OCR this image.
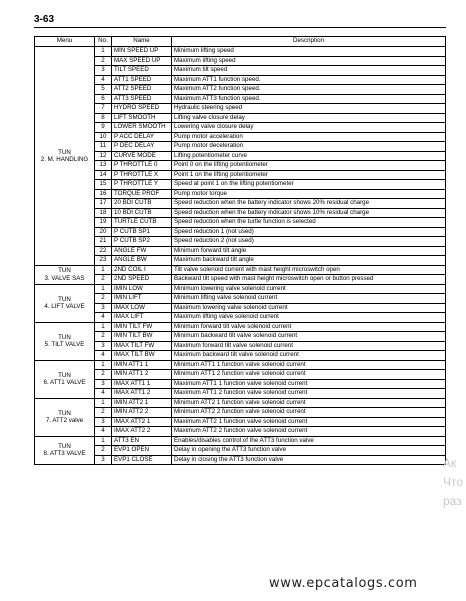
3-63
Menu	No.	Name	Description

TUN
2. M. HANDLING	1	MIN SPEED UP	Minimum lifting speed
	2	MAX SPEED UP	Maximum lifting speed
	3	TILT SPEED	Maximum tilt speed
	4	ATT1 SPEED	Maximum ATT1 function speed.
	5	ATT2 SPEED	Maximum ATT2 function speed.
	6	ATT3 SPEED	Maximum ATT3 function speed.
	7	HYDRO SPEED	Hydraulic steering speed
	8	LIFT SMOOTH	Lifting valve closure delay
	9	LOWER SMOOTH	Lowering valve closure delay
	10	P ACC DELAY	Pump motor acceleration
	11	P DEC DELAY	Pump motor deceleration
	12	CURVE MODE	Lifting potentiometer curve
	13	P THROTTLE 0	Point 0 on the lifting potentiometer
	14	P THROTTLE X	Point 1 on the lifting potentiometer
	15	P THROTTLE Y	Speed at point 1 on the lifting potentiometer
	16	TORQUE PROF	Pump motor torque
	17	20 BDI CUTB	Speed reduction when the battery indicator shows 20% residual charge
	18	10 BDI CUTB	Speed reduction when the battery indicator shows 10% residual charge
	19	TURTLE CUTB	Speed reduction when the turtle function is selected
	20	P CUTB SP1	Speed reduction 1 (not used)
	21	P CUTB SP2	Speed reduction 2 (not used)
	22	ANGLE FW	Minimum forward tilt angle
	23	ANGLE BW	Maximum backward tilt angle

TUN
3. VALVE SAS	1	2ND COIL I	Tilt valve solenoid current with mast height microswitch open
	2	2ND SPEED	Backward tilt speed with mast height microswitch open or button pressed

TUN
4. LIFT VALVE	1	IMIN LOW	Minimum lowering valve solenoid current
	2	IMIN LIFT	Minimum lifting valve solenoid current
	3	IMAX LOW	Maximum lowering valve solenoid current
	4	IMAX LIFT	Maximum lifting valve solenoid current

TUN
5. TILT VALVE	1	IMIN TILT FW	Minimum forward tilt valve solenoid current
	2	IMIN TILT BW	Minimum backward tilt valve solenoid current
	3	IMAX TILT FW	Maximum forward tilt valve solenoid current
	4	IMAX TILT BW	Maximum backward tilt valve solenoid current

TUN
6. ATT1 VALVE	1	IMIN ATT1 1	Minimum ATT1 1 function valve solenoid current
	2	IMIN ATT1 2	Minimum ATT1 2 function valve solenoid current
	3	IMAX ATT1 1	Maximum ATT1 1 function valve solenoid current
	4	IMAX ATT1 2	Maximum ATT1 2 function valve solenoid current

TUN
7. ATT2 valve	1	IMIN ATT2 1	Minimum ATT2 1 function valve solenoid current
	2	IMIN ATT2 2	Minimum ATT2 2 function valve solenoid current
	3	IMAX ATT2 1	Maximum ATT2 1 function valve solenoid current
	4	IMAX ATT2 2	Maximum ATT2 2 function valve solenoid current

TUN
8. ATT3 VALVE	1	ATT3 EN	Enables/disables control of the ATT3 function valve
	2	EVP1 OPEN	Delay in opening the ATT3 function valve
	3	EVP1 CLOSE	Delay in closing the ATT3 function valve	Ак
Что
раз
www.epcatalogs.com
